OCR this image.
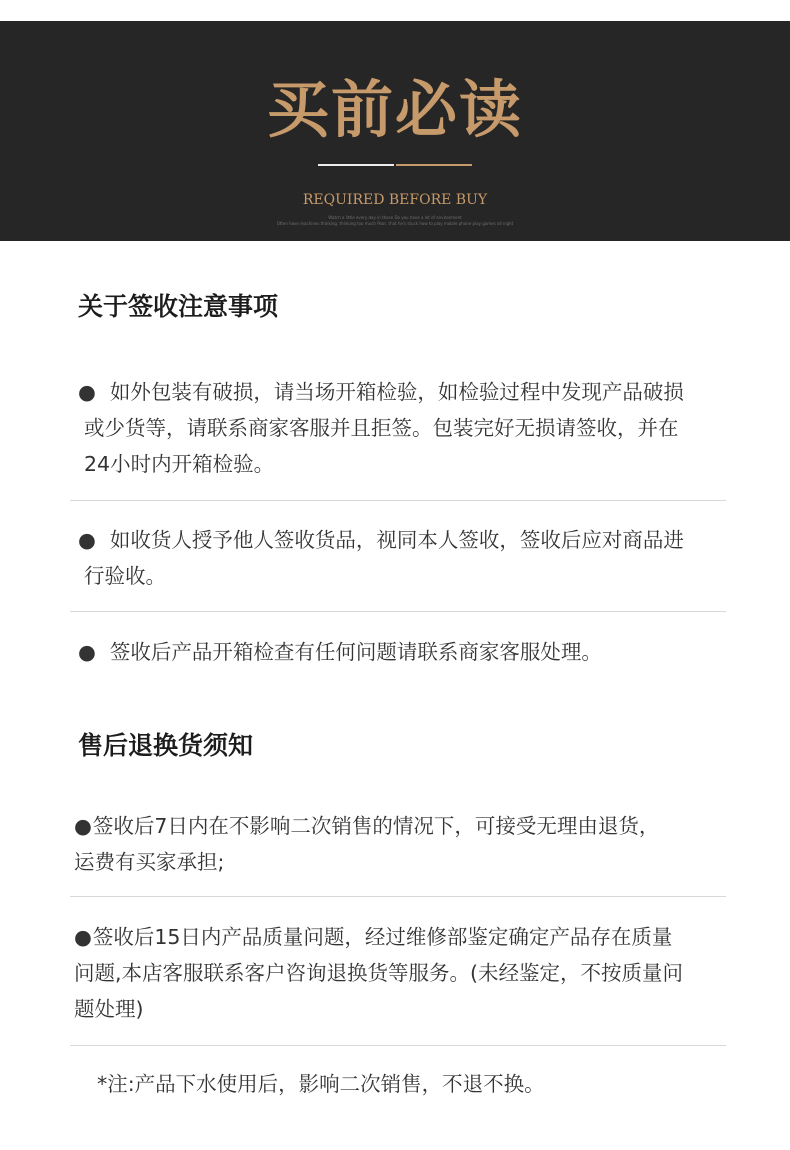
买前必读
REQUIRED BEFORE BUY
Watch a little every day in these Do you have a lot of environment
Often have machines thinking, thinking too much Poor, that he's stuck how to play mobile phone play games all night
关于签收注意事项
● 如外包装有破损，请当场开箱检验，如检验过程中发现产品破损
或少货等，请联系商家客服并且拒签。包装完好无损请签收，并在
24小时内开箱检验。
● 如收货人授予他人签收货品，视同本人签收，签收后应对商品进
行验收。
● 签收后产品开箱检查有任何问题请联系商家客服处理。
售后退换货须知
● 签收后7日内在不影响二次销售的情况下，可接受无理由退货，
运费有买家承担;
● 签收后15日内产品质量问题，经过维修部鉴定确定产品存在质量
问题,本店客服联系客户咨询退换货等服务。(未经鉴定，不按质量问
题处理)
*注:产品下水使用后，影响二次销售，不退不换。
